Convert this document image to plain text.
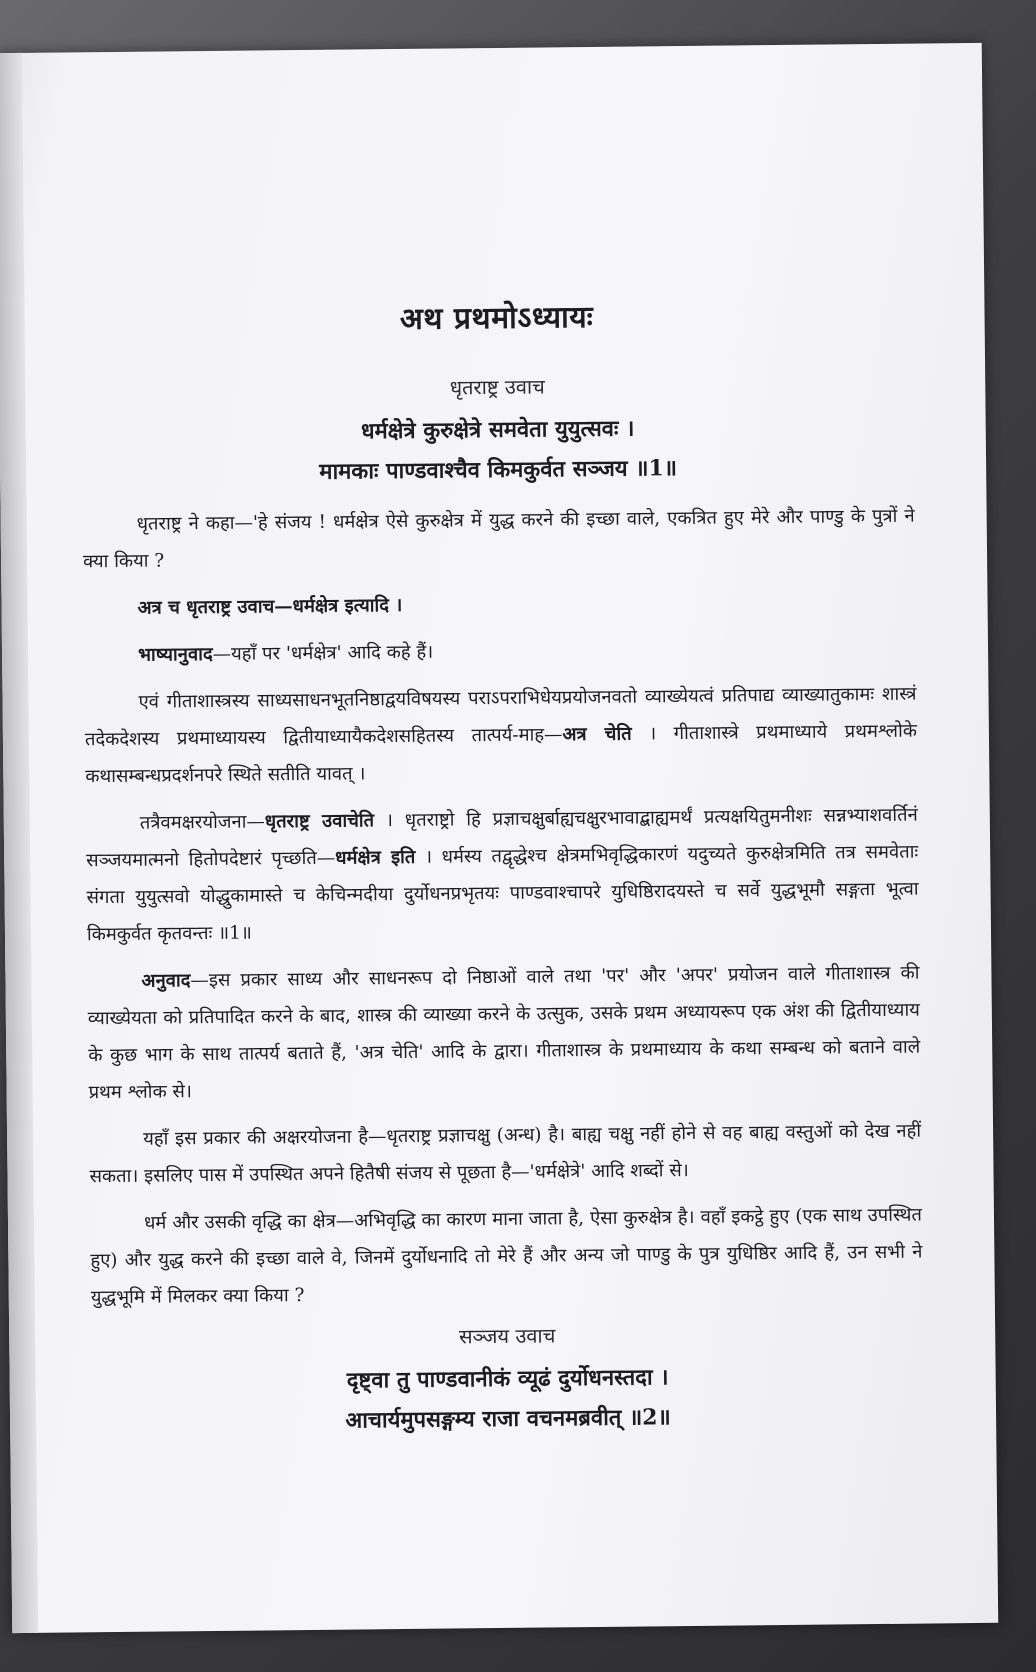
अथ प्रथमोऽध्यायः
धृतराष्ट्र उवाच
धर्मक्षेत्रे कुरुक्षेत्रे समवेता युयुत्सवः ।
मामकाः पाण्डवाश्चैव किमकुर्वत सञ्जय ॥1॥

धृतराष्ट्र ने कहा—'हे संजय ! धर्मक्षेत्र ऐसे कुरुक्षेत्र में युद्ध करने की इच्छा वाले, एकत्रित हुए मेरे और पाण्डु के पुत्रों ने क्या किया ?

अत्र च धृतराष्ट्र उवाच—धर्मक्षेत्र इत्यादि ।

भाष्यानुवाद—यहाँ पर 'धर्मक्षेत्र' आदि कहे हैं।

एवं गीताशास्त्रस्य साध्यसाधनभूतनिष्ठाद्वयविषयस्य पराऽपराभिधेयप्रयोजनवतो व्याख्येयत्वं प्रतिपाद्य व्याख्यातुकामः शास्त्रं तदेकदेशस्य प्रथमाध्यायस्य द्वितीयाध्यायैकदेशसहितस्य तात्पर्य-माह—अत्र चेति । गीताशास्त्रे प्रथमाध्याये प्रथमश्लोके कथासम्बन्धप्रदर्शनपरे स्थिते सतीति यावत् ।

तत्रैवमक्षरयोजना—धृतराष्ट्र उवाचेति । धृतराष्ट्रो हि प्रज्ञाचक्षुर्बाह्यचक्षुरभावाद्बाह्यमर्थं प्रत्यक्षयितुमनीशः सन्नभ्याशवर्तिनं सञ्जयमात्मनो हितोपदेष्टारं पृच्छति—धर्मक्षेत्र इति । धर्मस्य तद्वृद्धेश्च क्षेत्रमभिवृद्धिकारणं यदुच्यते कुरुक्षेत्रमिति तत्र समवेताः संगता युयुत्सवो योद्धुकामास्ते च केचिन्मदीया दुर्योधनप्रभृतयः पाण्डवाश्चापरे युधिष्ठिरादयस्ते च सर्वे युद्धभूमौ सङ्गता भूत्वा किमकुर्वत कृतवन्तः ॥1॥

अनुवाद—इस प्रकार साध्य और साधनरूप दो निष्ठाओं वाले तथा 'पर' और 'अपर' प्रयोजन वाले गीताशास्त्र की व्याख्येयता को प्रतिपादित करने के बाद, शास्त्र की व्याख्या करने के उत्सुक, उसके प्रथम अध्यायरूप एक अंश की द्वितीयाध्याय के कुछ भाग के साथ तात्पर्य बताते हैं, 'अत्र चेति' आदि के द्वारा। गीताशास्त्र के प्रथमाध्याय के कथा सम्बन्ध को बताने वाले प्रथम श्लोक से।

यहाँ इस प्रकार की अक्षरयोजना है—धृतराष्ट्र प्रज्ञाचक्षु (अन्ध) है। बाह्य चक्षु नहीं होने से वह बाह्य वस्तुओं को देख नहीं सकता। इसलिए पास में उपस्थित अपने हितैषी संजय से पूछता है—'धर्मक्षेत्रे' आदि शब्दों से।

धर्म और उसकी वृद्धि का क्षेत्र—अभिवृद्धि का कारण माना जाता है, ऐसा कुरुक्षेत्र है। वहाँ इकट्ठे हुए (एक साथ उपस्थित हुए) और युद्ध करने की इच्छा वाले वे, जिनमें दुर्योधनादि तो मेरे हैं और अन्य जो पाण्डु के पुत्र युधिष्ठिर आदि हैं, उन सभी ने युद्धभूमि में मिलकर क्या किया ?

सञ्जय उवाच
दृष्ट्वा तु पाण्डवानीकं व्यूढं दुर्योधनस्तदा ।
आचार्यमुपसङ्गम्य राजा वचनमब्रवीत् ॥2॥
